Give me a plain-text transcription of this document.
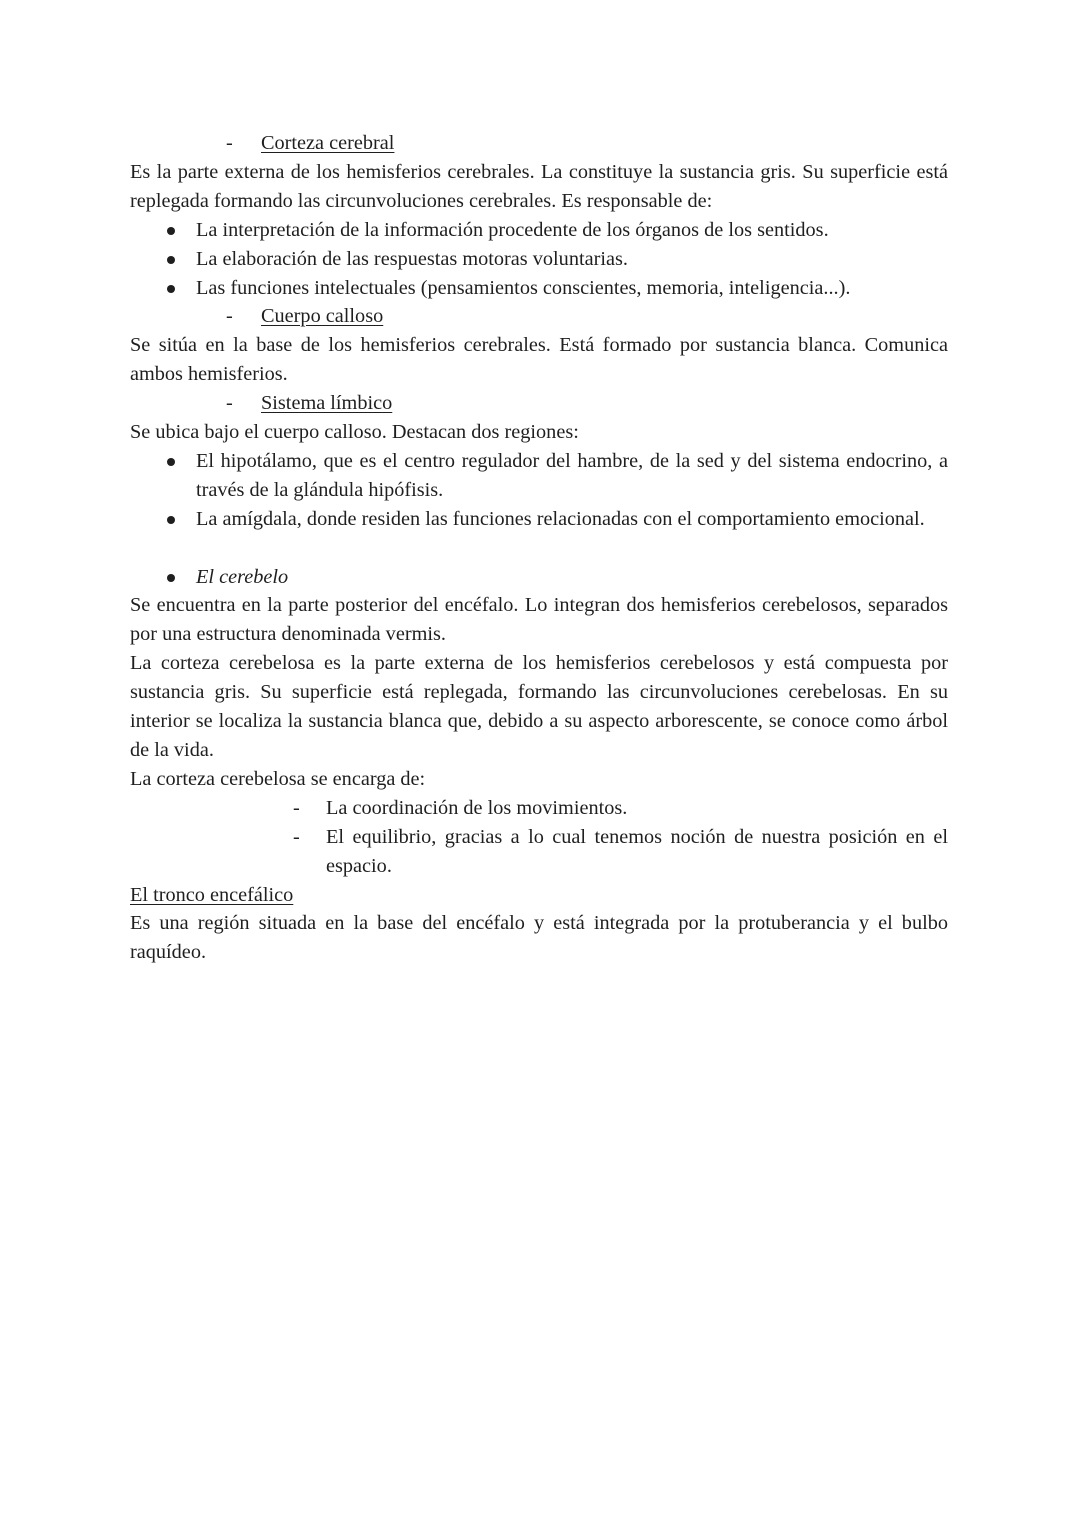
- Corteza cerebral

Es la parte externa de los hemisferios cerebrales. La constituye la sustancia gris. Su superficie está replegada formando las circunvoluciones cerebrales. Es responsable de:

La interpretación de la información procedente de los órganos de los sentidos.
La elaboración de las respuestas motoras voluntarias.
Las funciones intelectuales (pensamientos conscientes, memoria, inteligencia...).

- Cuerpo calloso

Se sitúa en la base de los hemisferios cerebrales. Está formado por sustancia blanca. Comunica ambos hemisferios.

- Sistema límbico

Se ubica bajo el cuerpo calloso. Destacan dos regiones:

El hipotálamo, que es el centro regulador del hambre, de la sed y del sistema endocrino, a través de la glándula hipófisis.
La amígdala, donde residen las funciones relacionadas con el comportamiento emocional.

El cerebelo

Se encuentra en la parte posterior del encéfalo. Lo integran dos hemisferios cerebelosos, separados por una estructura denominada vermis.

La corteza cerebelosa es la parte externa de los hemisferios cerebelosos y está compuesta por sustancia gris. Su superficie está replegada, formando las circunvoluciones cerebelosas. En su interior se localiza la sustancia blanca que, debido a su aspecto arborescente, se conoce como árbol de la vida.

La corteza cerebelosa se encarga de:

- La coordinación de los movimientos.
- El equilibrio, gracias a lo cual tenemos noción de nuestra posición en el espacio.

El tronco encefálico

Es una región situada en la base del encéfalo y está integrada por la protuberancia y el bulbo raquídeo.
